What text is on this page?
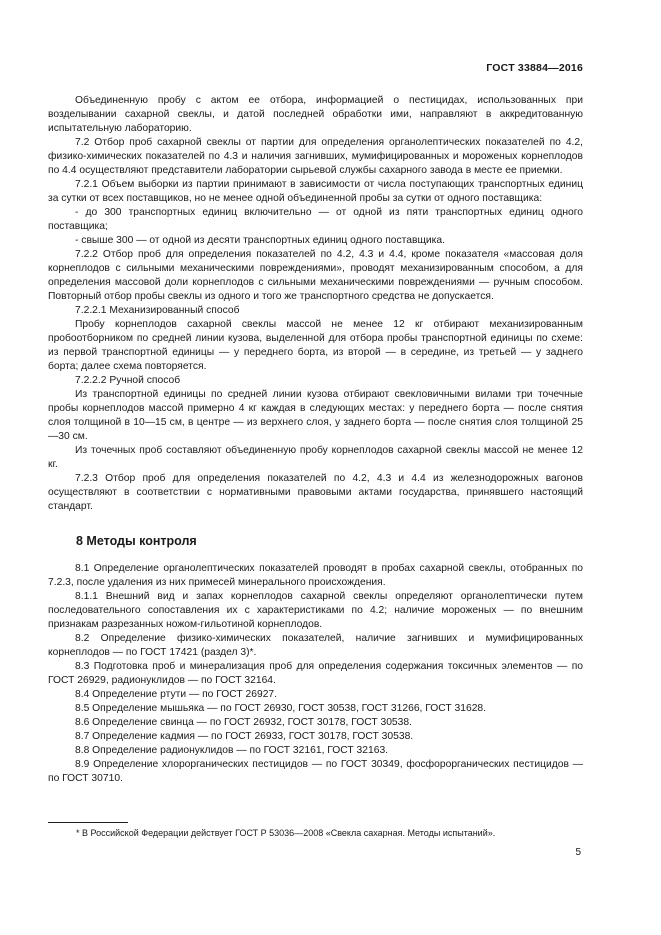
ГОСТ 33884—2016

Объединенную пробу с актом ее отбора, информацией о пестицидах, использованных при возделывании сахарной свеклы, и датой последней обработки ими, направляют в аккредитованную испытательную лабораторию.

7.2 Отбор проб сахарной свеклы от партии для определения органолептических показателей по 4.2, физико-химических показателей по 4.3 и наличия загнивших, мумифицированных и мороженых корнеплодов по 4.4 осуществляют представители лаборатории сырьевой службы сахарного завода в месте ее приемки.

7.2.1 Объем выборки из партии принимают в зависимости от числа поступающих транспортных единиц за сутки от всех поставщиков, но не менее одной объединенной пробы за сутки от одного поставщика:

- до 300 транспортных единиц включительно — от одной из пяти транспортных единиц одного поставщика;

- свыше 300 — от одной из десяти транспортных единиц одного поставщика.

7.2.2 Отбор проб для определения показателей по 4.2, 4.3 и 4.4, кроме показателя «массовая доля корнеплодов с сильными механическими повреждениями», проводят механизированным способом, а для определения массовой доли корнеплодов с сильными механическими повреждениями — ручным способом. Повторный отбор пробы свеклы из одного и того же транспортного средства не допускается.

7.2.2.1 Механизированный способ

Пробу корнеплодов сахарной свеклы массой не менее 12 кг отбирают механизированным пробоотборником по средней линии кузова, выделенной для отбора пробы транспортной единицы по схеме: из первой транспортной единицы — у переднего борта, из второй — в середине, из третьей — у заднего борта; далее схема повторяется.

7.2.2.2 Ручной способ

Из транспортной единицы по средней линии кузова отбирают свекловичными вилами три точечные пробы корнеплодов массой примерно 4 кг каждая в следующих местах: у переднего борта — после снятия слоя толщиной в 10—15 см, в центре — из верхнего слоя, у заднего борта — после снятия слоя толщиной 25—30 см.

Из точечных проб составляют объединенную пробу корнеплодов сахарной свеклы массой не менее 12 кг.

7.2.3 Отбор проб для определения показателей по 4.2, 4.3 и 4.4 из железнодорожных вагонов осуществляют в соответствии с нормативными правовыми актами государства, принявшего настоящий стандарт.

8 Методы контроля

8.1 Определение органолептических показателей проводят в пробах сахарной свеклы, отобранных по 7.2.3, после удаления из них примесей минерального происхождения.

8.1.1 Внешний вид и запах корнеплодов сахарной свеклы определяют органолептически путем последовательного сопоставления их с характеристиками по 4.2; наличие мороженых — по внешним признакам разрезанных ножом-гильотиной корнеплодов.

8.2 Определение физико-химических показателей, наличие загнивших и мумифицированных корнеплодов — по ГОСТ 17421 (раздел 3)*.

8.3 Подготовка проб и минерализация проб для определения содержания токсичных элементов — по ГОСТ 26929, радионуклидов — по ГОСТ 32164.

8.4 Определение ртути — по ГОСТ 26927.

8.5 Определение мышьяка — по ГОСТ 26930, ГОСТ 30538, ГОСТ 31266, ГОСТ 31628.

8.6 Определение свинца — по ГОСТ 26932, ГОСТ 30178, ГОСТ 30538.

8.7 Определение кадмия — по ГОСТ 26933, ГОСТ 30178, ГОСТ 30538.

8.8 Определение радионуклидов — по ГОСТ 32161, ГОСТ 32163.

8.9 Определение хлорорганических пестицидов — по ГОСТ 30349, фосфорорганических пестицидов — по ГОСТ 30710.

* В Российской Федерации действует ГОСТ Р 53036—2008 «Свекла сахарная. Методы испытаний».
5
